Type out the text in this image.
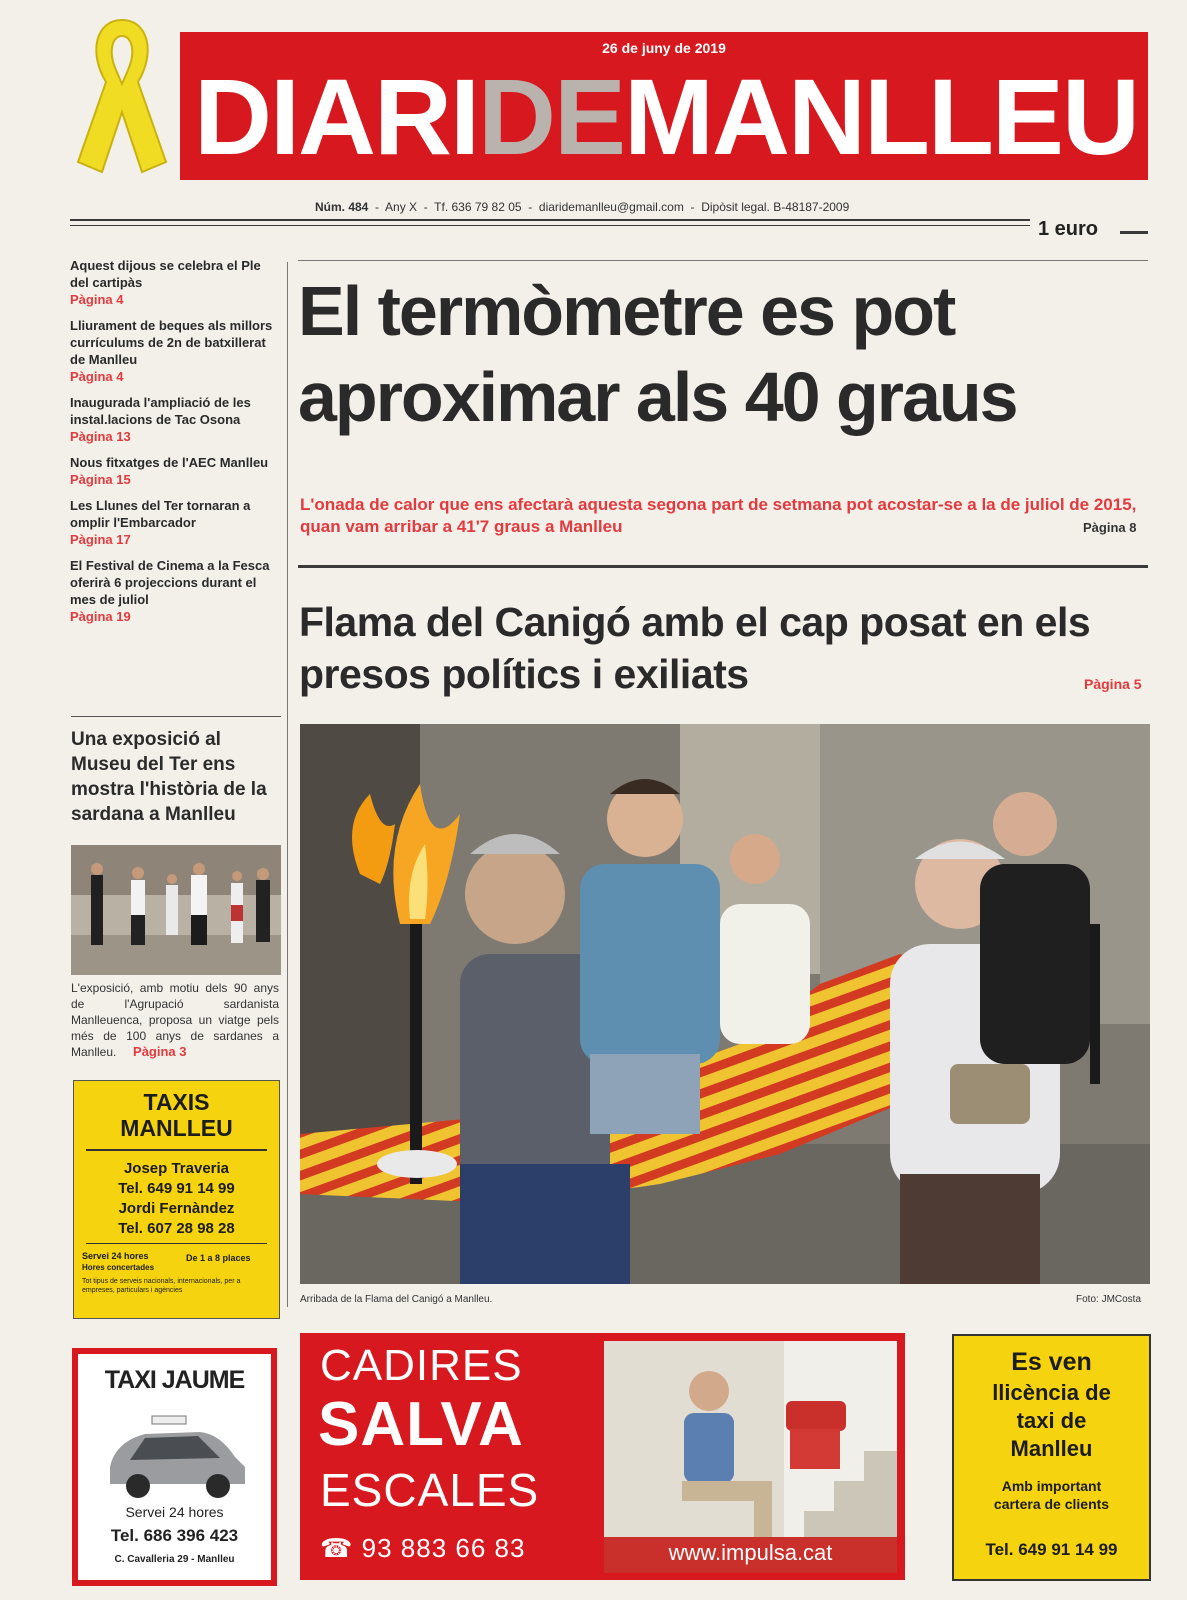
26 de juny de 2019
DIARIDEMANLLEU
Núm. 484  -  Any X  -  Tf. 636 79 82 05  -  diaridemanlleu@gmail.com  -  Dipòsit legal. B-48187-2009
1 euro
Aquest dijous se celebra el Ple del cartipàs
Pàgina 4
Lliurament de beques als millors currículums de 2n de batxillerat de Manlleu
Pàgina 4
Inaugurada l'ampliació de les instal.lacions de Tac Osona
Pàgina 13
Nous fitxatges de l'AEC Manlleu
Pàgina 15
Les Llunes del Ter tornaran a omplir l'Embarcador
Pàgina 17
El Festival de Cinema a la Fesca oferirà 6 projeccions durant el mes de juliol
Pàgina 19
Una exposició al Museu del Ter ens mostra l'història de la sardana a Manlleu
L'exposició, amb motiu dels 90 anys de l'Agrupació sardanista Manlleuenca, proposa un viatge pels més de 100 anys de sardanes a Manlleu. Pàgina 3
TAXIS
MANLLEU
Josep Traveria
Tel. 649 91 14 99
Jordi Fernàndez
Tel. 607 28 98 28
Servei 24 hores
Hores concertades
De 1 a 8 places
Tot tipus de serveis nacionals, internacionals, per a empreses, particulars i agències
El termòmetre es pot aproximar als 40 graus
L'onada de calor que ens afectarà aquesta segona part de setmana pot acostar-se a la de juliol de 2015, quan vam arribar a 41'7 graus a Manlleu	Pàgina 8
Flama del Canigó amb el cap posat en els presos polítics i exiliats	Pàgina 5
Arribada de la Flama del Canigó a Manlleu.	Foto: JMCosta
TAXI JAUME
Servei 24 hores
Tel. 686 396 423
C. Cavalleria 29 - Manlleu
CADIRES
SALVA
ESCALES
☎ 93 883 66 83	www.impulsa.cat
Es ven
llicència de
taxi de
Manlleu
Amb important
cartera de clients
Tel. 649 91 14 99
